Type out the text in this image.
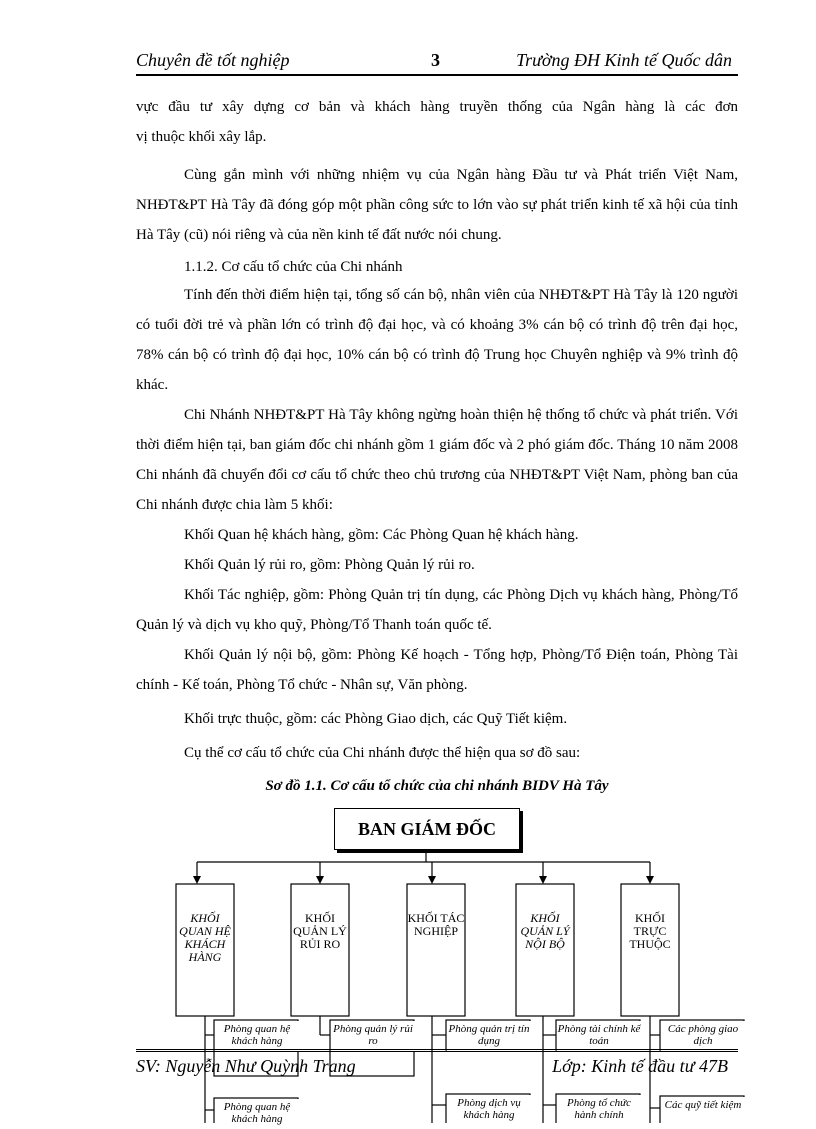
Chuyên đề tốt nghiệp	3	Trường ĐH Kinh tế Quốc dân

vực đầu tư xây dựng cơ bản và khách hàng truyền thống của Ngân hàng là các đơn

vị thuộc khối xây lắp.

Cùng gắn mình với những nhiệm vụ của Ngân hàng Đầu tư và Phát triển Việt Nam, NHĐT&PT Hà Tây đã đóng góp một phần công sức to lớn vào sự phát triển kinh tế xã hội của tỉnh Hà Tây (cũ) nói riêng và của nền kinh tế đất nước nói chung.

1.1.2. Cơ cấu tổ chức của Chi nhánh

Tính đến thời điểm hiện tại, tổng số cán bộ, nhân viên của NHĐT&PT Hà Tây là 120 người có tuổi đời trẻ và phần lớn có trình độ đại học, và có khoảng 3% cán bộ có trình độ trên đại học, 78% cán bộ có trình độ đại học, 10% cán bộ có trình độ Trung học Chuyên nghiệp và 9% trình độ khác.

Chi Nhánh NHĐT&PT Hà Tây không ngừng hoàn thiện hệ thống tổ chức và phát triển. Với thời điểm hiện tại, ban giám đốc chi nhánh gồm 1 giám đốc và 2 phó giám đốc. Tháng 10 năm 2008 Chi nhánh đã chuyển đổi cơ cấu tổ chức theo chủ trương của NHĐT&PT Việt Nam, phòng ban của Chi nhánh được chia làm 5 khối:

Khối Quan hệ khách hàng, gồm: Các Phòng Quan hệ khách hàng.

Khối Quản lý rủi ro, gồm: Phòng Quản lý rủi ro.

Khối Tác nghiệp, gồm: Phòng Quản trị tín dụng, các Phòng Dịch vụ khách hàng, Phòng/Tổ Quản lý và dịch vụ kho quỹ, Phòng/Tổ Thanh toán quốc tế.

Khối Quản lý nội bộ, gồm: Phòng Kế hoạch - Tổng hợp, Phòng/Tổ Điện toán, Phòng Tài chính - Kế toán, Phòng Tổ chức - Nhân sự, Văn phòng.

Khối trực thuộc, gồm: các Phòng Giao dịch, các Quỹ Tiết kiệm.

Cụ thể cơ cấu tổ chức của Chi nhánh được thể hiện qua sơ đồ sau:

Sơ đồ 1.1. Cơ cấu tổ chức của chi nhánh BIDV Hà Tây
BAN GIÁM ĐỐC
KHỐI QUAN HỆ KHÁCH HÀNG
KHỐI QUẢN LÝ RỦI RO
KHỐI TÁC NGHIỆP
KHỐI QUẢN LÝ NỘI BỘ
KHỐI TRỰC THUỘC
Phòng quan hệ khách hàng
Phòng quản lý rủi ro
Phòng quản trị tín dụng
Phòng tài chính kế toán
Các phòng giao dịch
Phòng quan hệ khách hàng
Phòng dịch vụ khách hàng
Phòng tổ chức hành chính
Các quỹ tiết kiệm
SV: Nguyễn Như Quỳnh Trang	Lớp: Kinh tế đầu tư 47B
